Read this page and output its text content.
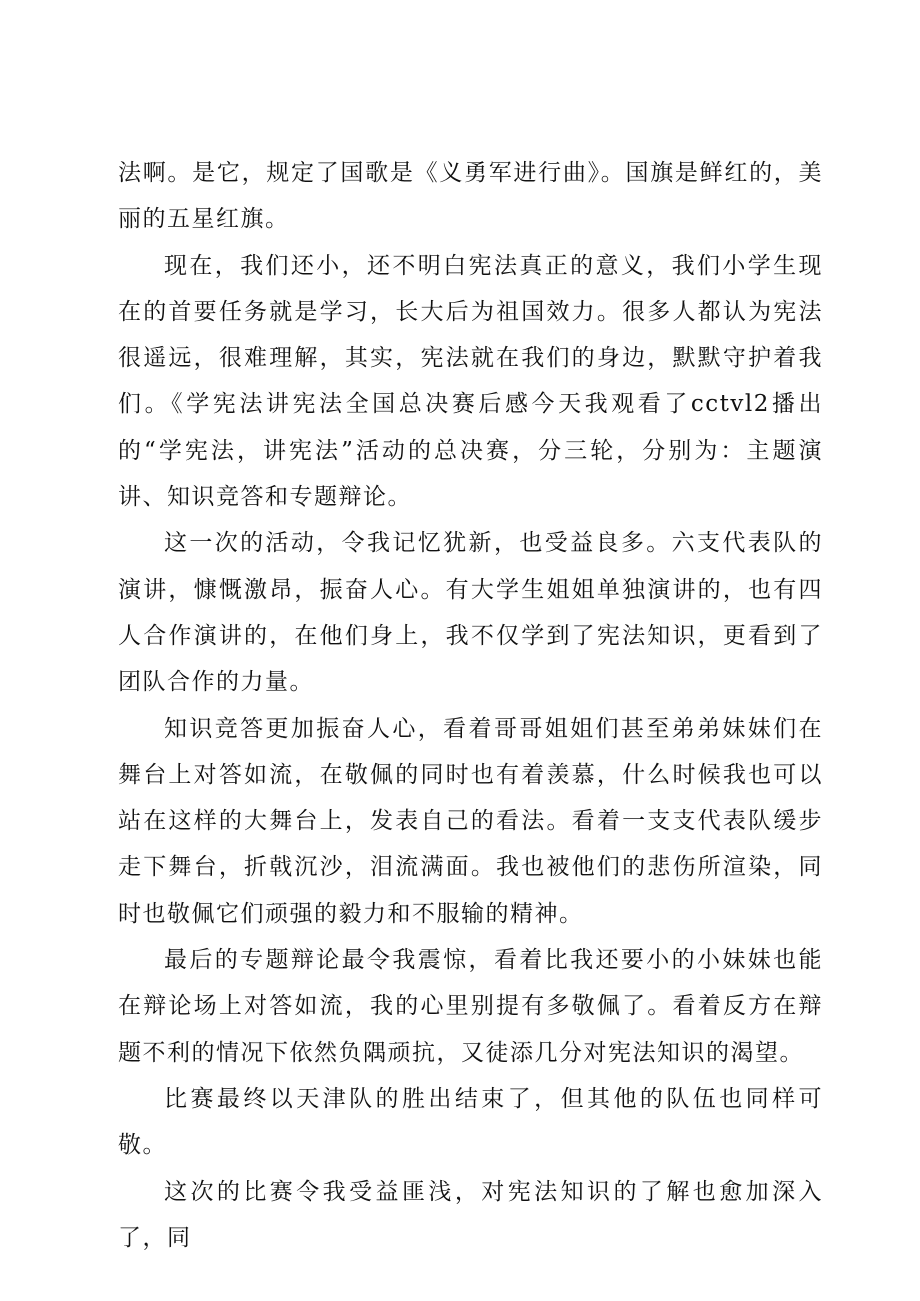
法啊。是它，规定了国歌是《义勇军进行曲》。国旗是鲜红的，美丽的五星红旗。

现在，我们还小，还不明白宪法真正的意义，我们小学生现在的首要任务就是学习，长大后为祖国效力。很多人都认为宪法很遥远，很难理解，其实，宪法就在我们的身边，默默守护着我们。《学宪法讲宪法全国总决赛后感今天我观看了cctvl2播出的“学宪法，讲宪法”活动的总决赛，分三轮，分别为：主题演讲、知识竞答和专题辩论。

这一次的活动，令我记忆犹新，也受益良多。六支代表队的演讲，慷慨激昂，振奋人心。有大学生姐姐单独演讲的，也有四人合作演讲的，在他们身上，我不仅学到了宪法知识，更看到了团队合作的力量。

知识竞答更加振奋人心，看着哥哥姐姐们甚至弟弟妹妹们在舞台上对答如流，在敬佩的同时也有着羡慕，什么时候我也可以站在这样的大舞台上，发表自己的看法。看着一支支代表队缓步走下舞台，折戟沉沙，泪流满面。我也被他们的悲伤所渲染，同时也敬佩它们顽强的毅力和不服输的精神。

最后的专题辩论最令我震惊，看着比我还要小的小妹妹也能在辩论场上对答如流，我的心里别提有多敬佩了。看着反方在辩题不利的情况下依然负隅顽抗，又徒添几分对宪法知识的渴望。

比赛最终以天津队的胜出结束了，但其他的队伍也同样可敬。

这次的比赛令我受益匪浅，对宪法知识的了解也愈加深入了，同
